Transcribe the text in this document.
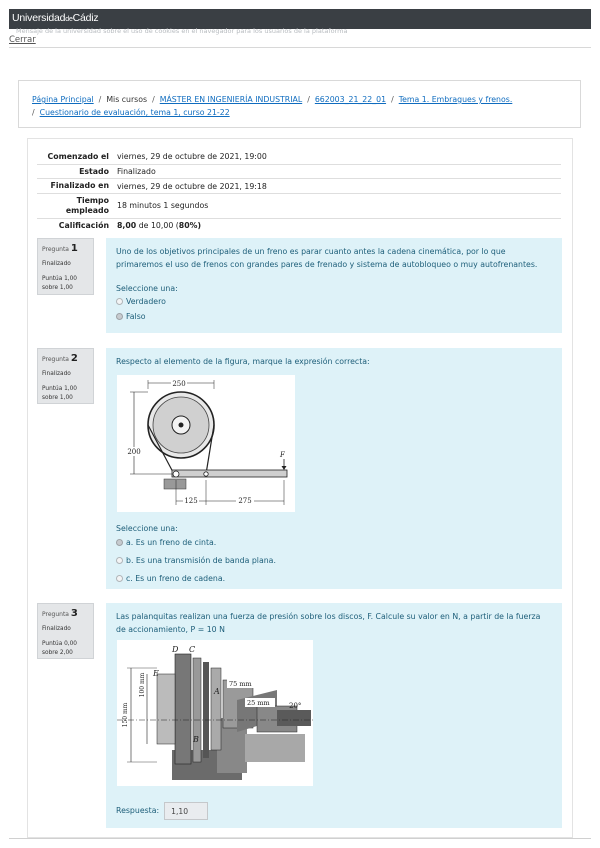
UniversidaddeCádiz
Mensaje de la universidad sobre el uso de cookies en el navegador para los usuarios de la plataforma
Cerrar
Página Principal / Mis cursos / MÁSTER EN INGENIERÍA INDUSTRIAL / 662003_21_22_01 / Tema 1. Embragues y frenos.
/ Cuestionario de evaluación, tema 1, curso 21-22
Comenzado el	viernes, 29 de octubre de 2021, 19:00
Estado	Finalizado
Finalizado en	viernes, 29 de octubre de 2021, 19:18
Tiempo
empleado	18 minutos 1 segundos
Calificación	8,00 de 10,00 (80%)
Pregunta 1
Finalizado
Puntúa 1,00
sobre 1,00
Uno de los objetivos principales de un freno es parar cuanto antes la cadena cinemática, por lo que primaremos el uso de frenos con grandes pares de frenado y sistema de autobloqueo o muy autofrenantes.
Seleccione una:
Verdadero
Falso
Pregunta 2
Finalizado
Puntúa 1,00
sobre 1,00
Respecto al elemento de la figura, marque la expresión correcta:
250
200	F
125	275
Seleccione una:
a. Es un freno de cinta.
b. Es una transmisión de banda plana.
c. Es un freno de cadena.
Pregunta 3
Finalizado
Puntúa 0,00
sobre 2,00
Las palanquitas realizan una fuerza de presión sobre los discos, F. Calcule su valor en N, a partir de la fuerza de accionamiento, P = 10 N
150 mm
100 mm
D C
E
A
B
75 mm
25 mm	20°
Respuesta:	1,10
